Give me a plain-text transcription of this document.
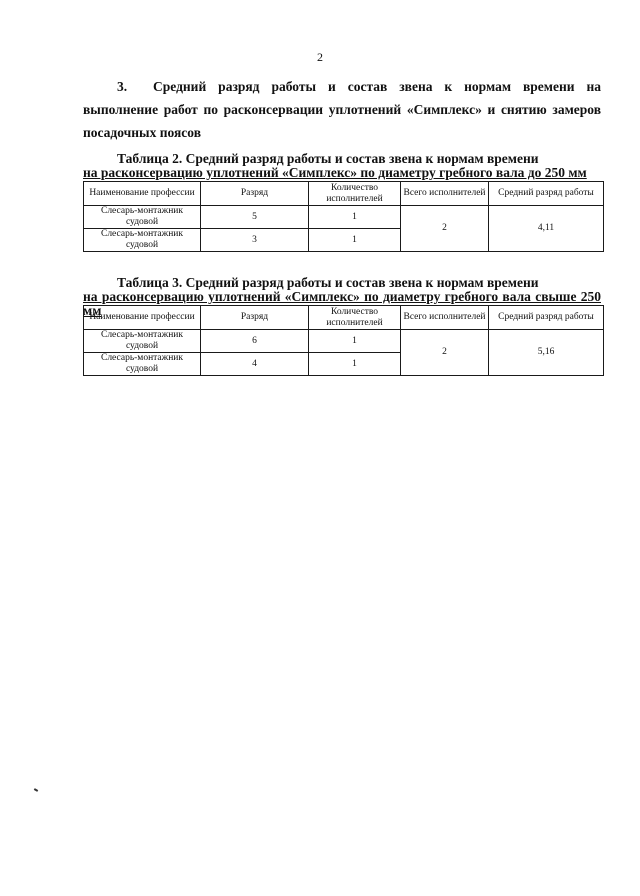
2
3. Средний разряд работы и состав звена к нормам времени на выполнение работ по расконсервации уплотнений «Симплекс» и снятию замеров посадочных поясов
Таблица 2. Средний разряд работы и состав звена к нормам времени
на расконсервацию уплотнений «Симплекс» по диаметру гребного вала до 250 мм
Наименование профессии	Разряд	Количество исполнителей	Всего исполнителей	Средний разряд работы
Слесарь-монтажник судовой	5	1	2	4,11
Слесарь-монтажник судовой	3	1		
Таблица 3. Средний разряд работы и состав звена к нормам времени
на расконсервацию уплотнений «Симплекс» по диаметру гребного вала свыше 250 мм
Наименование профессии	Разряд	Количество исполнителей	Всего исполнителей	Средний разряд работы
Слесарь-монтажник судовой	6	1	2	5,16
Слесарь-монтажник судовой	4	1		
